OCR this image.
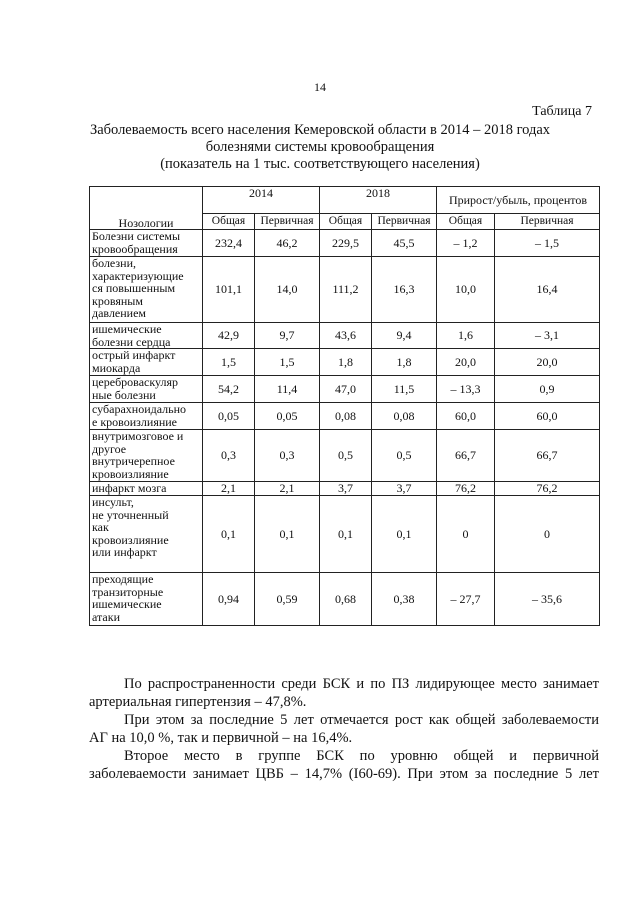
14
Таблица 7
Заболеваемость всего населения Кемеровской области в 2014 – 2018 годах
болезнями системы кровообращения
(показатель на 1 тыс. соответствующего населения)
Нозологии	2014		2018		Прирост/убыль, процентов	
	Общая	Первичная	Общая	Первичная	Общая	Первичная
Болезни системы
кровообращения	232,4	46,2	229,5	45,5	– 1,2	– 1,5
болезни,
характеризующие
ся повышенным
кровяным
давлением	101,1	14,0	111,2	16,3	10,0	16,4
ишемические
болезни сердца	42,9	9,7	43,6	9,4	1,6	– 3,1
острый инфаркт
миокарда	1,5	1,5	1,8	1,8	20,0	20,0
цереброваскуляр
ные болезни	54,2	11,4	47,0	11,5	– 13,3	0,9
субарахноидально
е кровоизлияние	0,05	0,05	0,08	0,08	60,0	60,0
внутримозговое и
другое
внутричерепное
кровоизлияние	0,3	0,3	0,5	0,5	66,7	66,7
инфаркт мозга	2,1	2,1	3,7	3,7	76,2	76,2
инсульт,
не уточненный
как
кровоизлияние
или инфаркт	0,1	0,1	0,1	0,1	0	0
преходящие
транзиторные
ишемические
атаки	0,94	0,59	0,68	0,38	– 27,7	– 35,6
По распространенности среди БСК и по ПЗ лидирующее место занимает
артериальная гипертензия – 47,8%.
При этом за последние 5 лет отмечается рост как общей заболеваемости
АГ на 10,0 %, так и первичной – на 16,4%.
Второе место в группе БСК по уровню общей и первичной
заболеваемости занимает ЦВБ – 14,7% (I60-69). При этом за последние 5 лет
